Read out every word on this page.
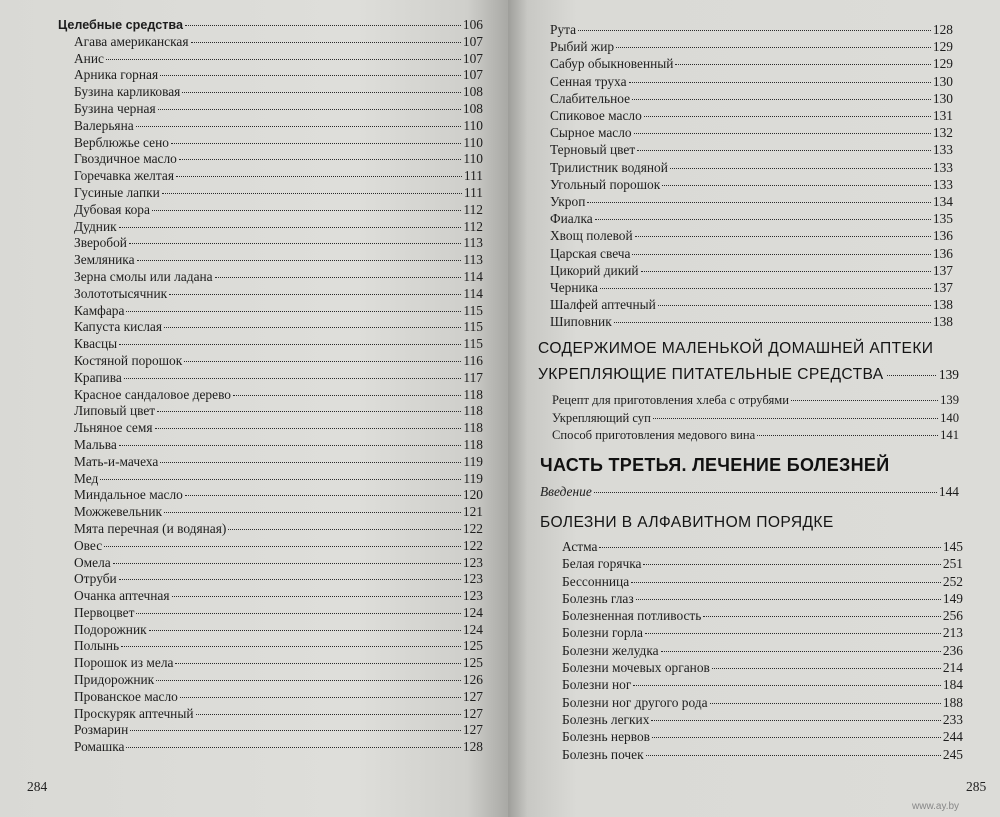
Целебные средства	106
Агава американская	107
Анис	107
Арника горная	107
Бузина карликовая	108
Бузина черная	108
Валерьяна	110
Верблюжье сено	110
Гвоздичное масло	110
Горечавка желтая	111
Гусиные лапки	111
Дубовая кора	112
Дудник	112
Зверобой	113
Земляника	113
Зерна смолы или ладана	114
Золототысячник	114
Камфара	115
Капуста кислая	115
Квасцы	115
Костяной порошок	116
Крапива	117
Красное сандаловое дерево	118
Липовый цвет	118
Льняное семя	118
Мальва	118
Мать-и-мачеха	119
Мед	119
Миндальное масло	120
Можжевельник	121
Мята перечная (и водяная)	122
Овес	122
Омела	123
Отруби	123
Очанка аптечная	123
Первоцвет	124
Подорожник	124
Полынь	125
Порошок из мела	125
Придорожник	126
Прованское масло	127
Проскуряк аптечный	127
Розмарин	127
Ромашка	128
284
Рута	128
Рыбий жир	129
Сабур обыкновенный	129
Сенная труха	130
Слабительное	130
Спиковое масло	131
Сырное масло	132
Терновый цвет	133
Трилистник водяной	133
Угольный порошок	133
Укроп	134
Фиалка	135
Хвощ полевой	136
Царская свеча	136
Цикорий дикий	137
Черника	137
Шалфей аптечный	138
Шиповник	138
СОДЕРЖИМОЕ МАЛЕНЬКОЙ ДОМАШНЕЙ АПТЕКИ
УКРЕПЛЯЮЩИЕ ПИТАТЕЛЬНЫЕ СРЕДСТВА	139
Рецепт для приготовления хлеба с отрубями	139
Укрепляющий суп	140
Способ приготовления медового вина	141
ЧАСТЬ ТРЕТЬЯ. ЛЕЧЕНИЕ БОЛЕЗНЕЙ
Введение	144
БОЛЕЗНИ В АЛФАВИТНОМ ПОРЯДКЕ
Астма	145
Белая горячка	251
Бессонница	252
Болезнь глаз	149
Болезненная потливость	256
Болезни горла	213
Болезни желудка	236
Болезни мочевых органов	214
Болезни ног	184
Болезни ног другого рода	188
Болезнь легких	233
Болезнь нервов	244
Болезнь почек	245
285
www.ay.by
